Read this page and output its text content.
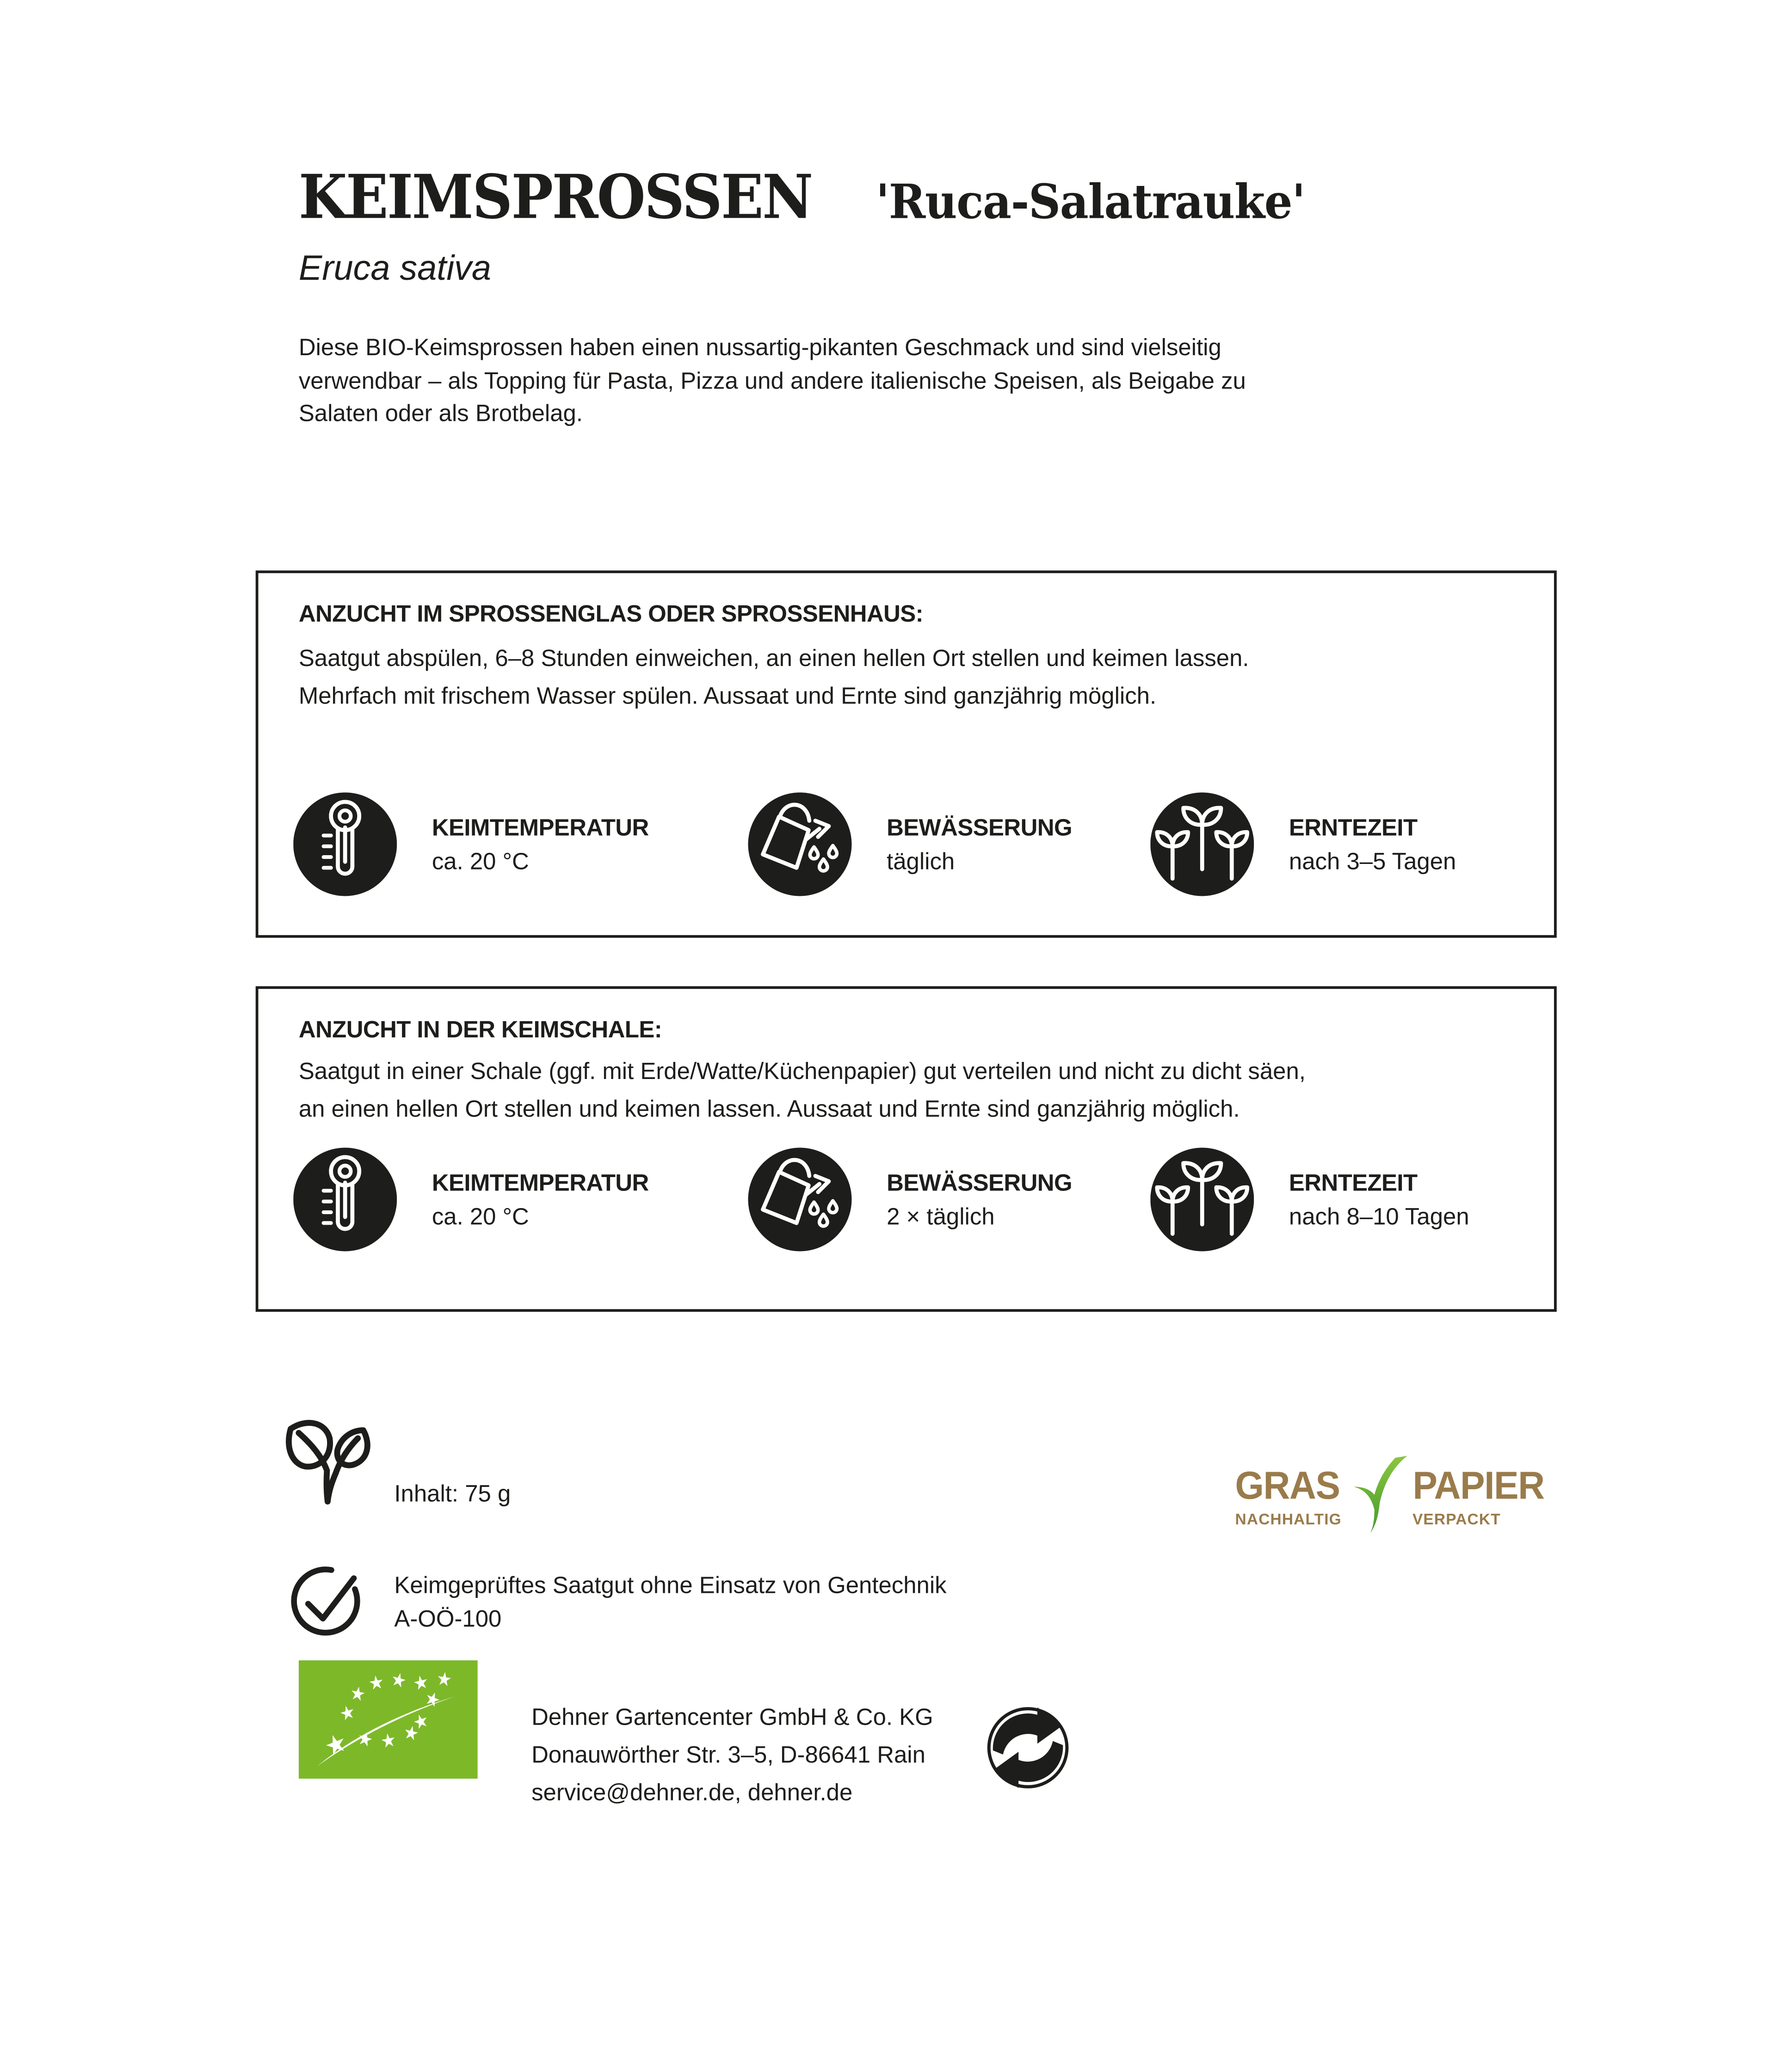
KEIMSPROSSEN	'Ruca-Salatrauke'
Eruca sativa
Diese BIO-Keimsprossen haben einen nussartig-pikanten Geschmack und sind vielseitig
verwendbar – als Topping für Pasta, Pizza und andere italienische Speisen, als Beigabe zu
Salaten oder als Brotbelag.
ANZUCHT IM SPROSSENGLAS ODER SPROSSENHAUS:
Saatgut abspülen, 6–8 Stunden einweichen, an einen hellen Ort stellen und keimen lassen.
Mehrfach mit frischem Wasser spülen. Aussaat und Ernte sind ganzjährig möglich.
KEIMTEMPERATUR
ca. 20 °C
BEWÄSSERUNG
täglich
ERNTEZEIT
nach 3–5 Tagen
ANZUCHT IN DER KEIMSCHALE:
Saatgut in einer Schale (ggf. mit Erde/Watte/Küchenpapier) gut verteilen und nicht zu dicht säen,
an einen hellen Ort stellen und keimen lassen. Aussaat und Ernte sind ganzjährig möglich.
KEIMTEMPERATUR
ca. 20 °C
BEWÄSSERUNG
2 × täglich
ERNTEZEIT
nach 8–10 Tagen
Inhalt: 75 g	GRAS
NACHHALTIG
PAPIER
VERPACKT
Keimgeprüftes Saatgut ohne Einsatz von Gentechnik
A-OÖ-100
Dehner Gartencenter GmbH & Co. KG
Donauwörther Str. 3–5, D-86641 Rain
service@dehner.de, dehner.de
